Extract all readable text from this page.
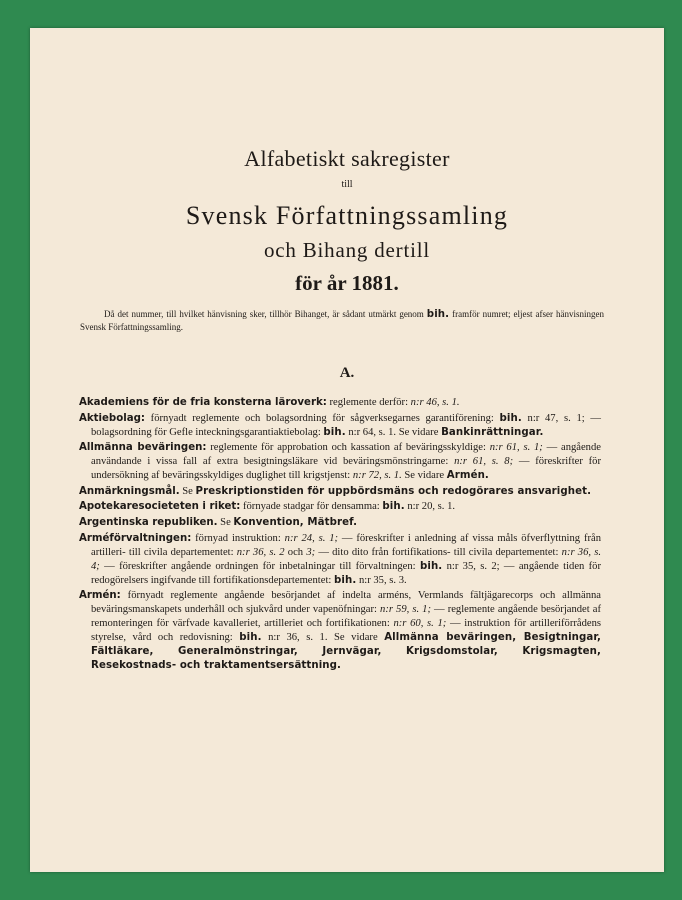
Alfabetiskt sakregister
till
Svensk Författningssamling
och Bihang dertill
för år 1881.
Då det nummer, till hvilket hänvisning sker, tillhör Bihanget, är sådant utmärkt genom bih. framför numret; eljest afser hänvisningen Svensk Författningssamling.
A.
Akademiens för de fria konsterna läroverk: reglemente derför: n:r 46, s. 1.
Aktiebolag: förnyadt reglemente och bolagsordning för sågverksegarnes garantiförening: bih. n:r 47, s. 1; — bolagsordning för Gefle inteckningsgarantiaktiebolag: bih. n:r 64, s. 1. Se vidare Bankinrättningar.
Allmänna beväringen: reglemente för approbation och kassation af beväringsskyldige: n:r 61, s. 1; — angående användande i vissa fall af extra besigtningsläkare vid beväringsmönstringarne: n:r 61, s. 8; — föreskrifter för undersökning af beväringsskyldiges duglighet till krigstjenst: n:r 72, s. 1. Se vidare Armén.
Anmärkningsmål. Se Preskriptionstiden för uppbördsmäns och redogörares ansvarighet.
Apotekaresocieteten i riket: förnyade stadgar för densamma: bih. n:r 20, s. 1.
Argentinska republiken. Se Konvention, Mätbref.
Arméförvaltningen: förnyad instruktion: n:r 24, s. 1; — föreskrifter i anledning af vissa måls öfverflyttning från artilleri- till civila departementet: n:r 36, s. 2 och 3; — dito dito från fortifikations- till civila departementet: n:r 36, s. 4; — föreskrifter angående ordningen för inbetalningar till förvaltningen: bih. n:r 35, s. 2; — angående tiden för redogörelsers ingifvande till fortifikationsdepartementet: bih. n:r 35, s. 3.
Armén: förnyadt reglemente angående besörjandet af indelta arméns, Vermlands fältjägarecorps och allmänna beväringsmanskapets underhåll och sjukvård under vapenöfningar: n:r 59, s. 1; — reglemente angående besörjandet af remonteringen för värfvade kavalleriet, artilleriet och fortifikationen: n:r 60, s. 1; — instruktion för artilleriförrådens styrelse, vård och redovisning: bih. n:r 36, s. 1. Se vidare Allmänna beväringen, Besigtningar, Fältläkare, Generalmönstringar, Jernvägar, Krigsdomstolar, Krigsmagten, Resekostnads- och traktamentsersättning.
